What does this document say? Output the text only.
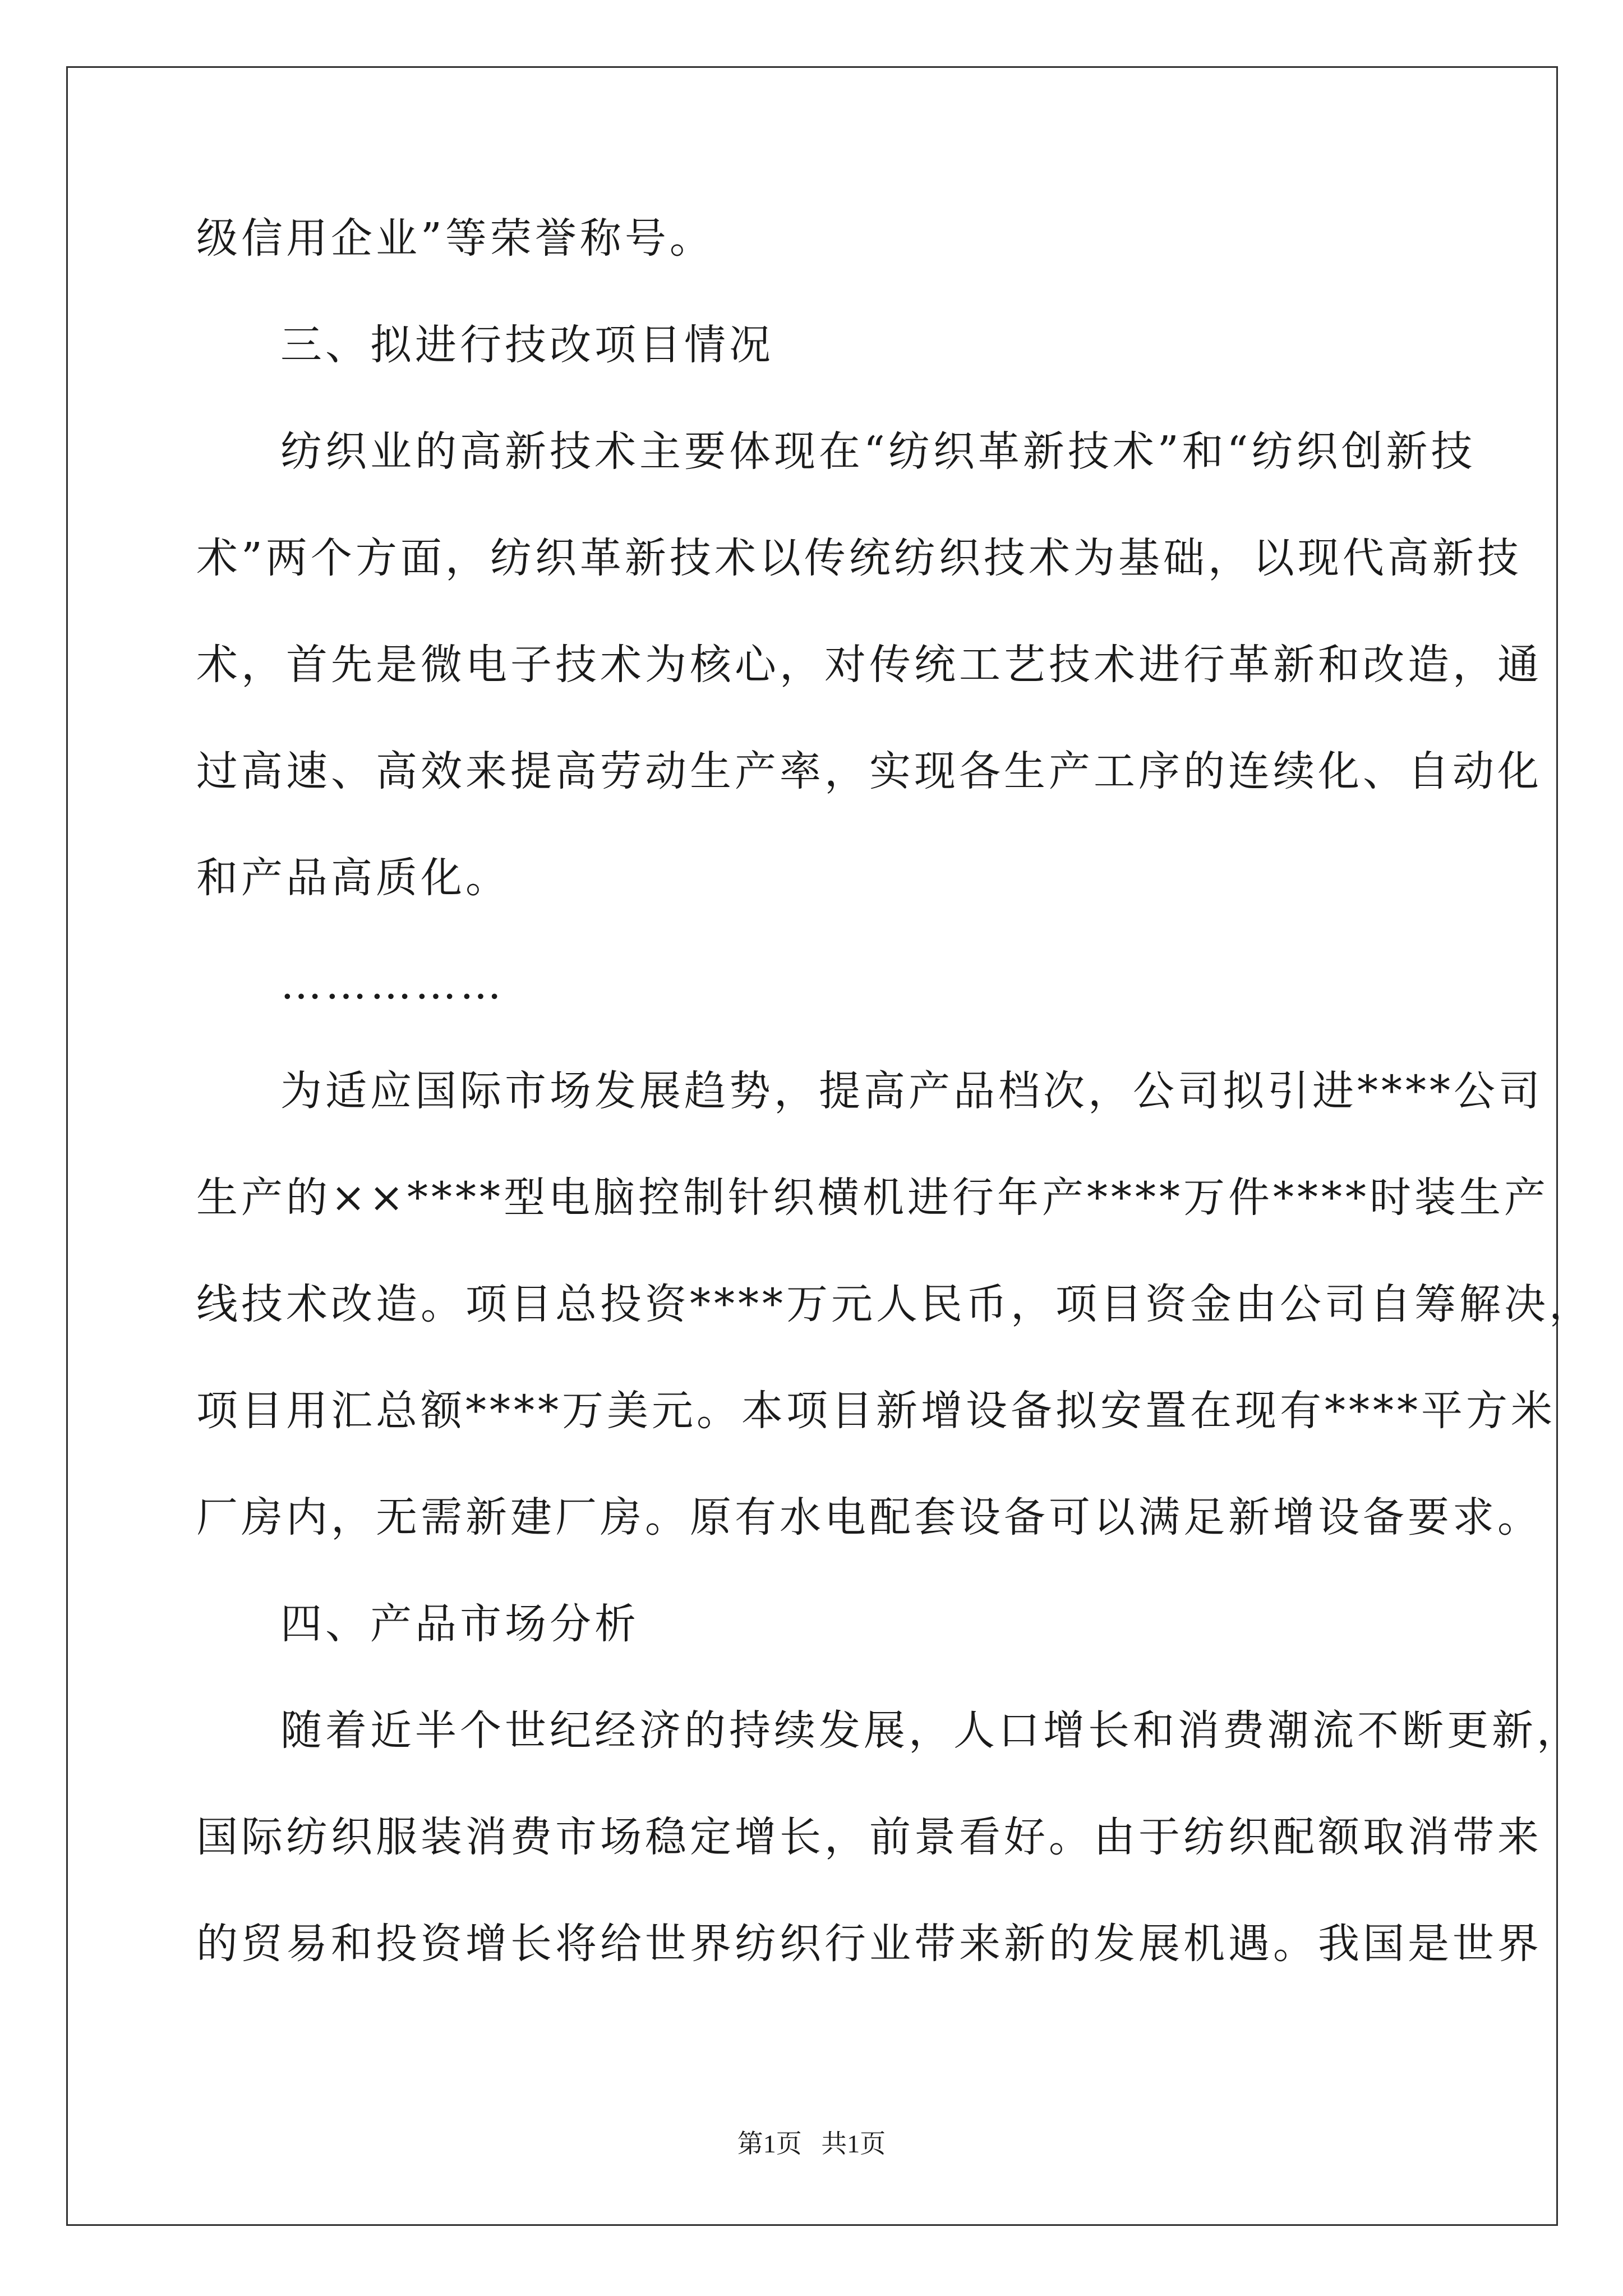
级信用企业”等荣誉称号。
三、拟进行技改项目情况
纺织业的高新技术主要体现在“纺织革新技术”和“纺织创新技
术”两个方面，纺织革新技术以传统纺织技术为基础，以现代高新技
术，首先是微电子技术为核心，对传统工艺技术进行革新和改造，通
过高速、高效来提高劳动生产率，实现各生产工序的连续化、自动化
和产品高质化。
……………
为适应国际市场发展趋势，提高产品档次，公司拟引进****公司
生产的××****型电脑控制针织横机进行年产****万件****时装生产
线技术改造。项目总投资****万元人民币，项目资金由公司自筹解决，
项目用汇总额****万美元。本项目新增设备拟安置在现有****平方米
厂房内，无需新建厂房。原有水电配套设备可以满足新增设备要求。
四、产品市场分析
随着近半个世纪经济的持续发展，人口增长和消费潮流不断更新，
国际纺织服装消费市场稳定增长，前景看好。由于纺织配额取消带来
的贸易和投资增长将给世界纺织行业带来新的发展机遇。我国是世界
第1页 共1页
